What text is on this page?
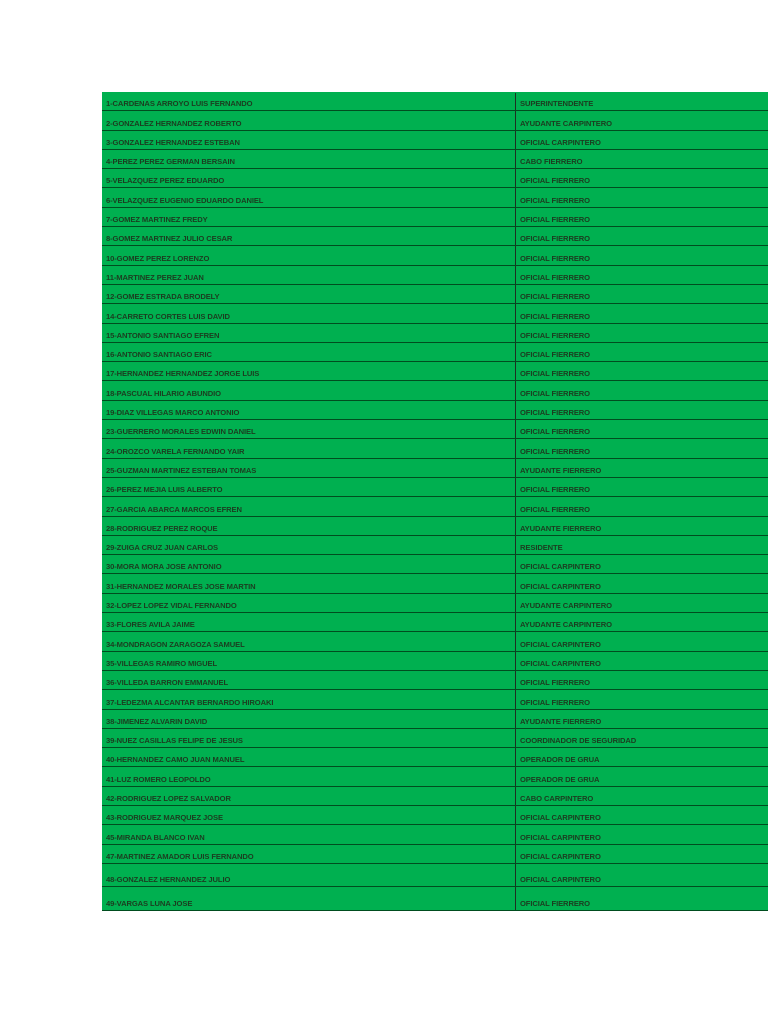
1-CARDENAS ARROYO LUIS FERNANDO	SUPERINTENDENTE
2-GONZALEZ HERNANDEZ ROBERTO	AYUDANTE CARPINTERO
3-GONZALEZ HERNANDEZ ESTEBAN	OFICIAL CARPINTERO
4-PEREZ PEREZ GERMAN BERSAIN	CABO FIERRERO
5-VELAZQUEZ PEREZ EDUARDO	OFICIAL FIERRERO
6-VELAZQUEZ EUGENIO EDUARDO DANIEL	OFICIAL FIERRERO
7-GOMEZ MARTINEZ FREDY	OFICIAL FIERRERO
8-GOMEZ MARTINEZ JULIO CESAR	OFICIAL FIERRERO
10-GOMEZ PEREZ LORENZO	OFICIAL FIERRERO
11-MARTINEZ PEREZ JUAN	OFICIAL FIERRERO
12-GOMEZ ESTRADA BRODELY	OFICIAL FIERRERO
14-CARRETO CORTES LUIS DAVID	OFICIAL FIERRERO
15-ANTONIO SANTIAGO EFREN	OFICIAL FIERRERO
16-ANTONIO SANTIAGO ERIC	OFICIAL FIERRERO
17-HERNANDEZ HERNANDEZ JORGE LUIS	OFICIAL FIERRERO
18-PASCUAL HILARIO ABUNDIO	OFICIAL FIERRERO
19-DIAZ VILLEGAS MARCO ANTONIO	OFICIAL FIERRERO
23-GUERRERO MORALES EDWIN DANIEL	OFICIAL FIERRERO
24-OROZCO VARELA FERNANDO YAIR	OFICIAL FIERRERO
25-GUZMAN MARTINEZ ESTEBAN TOMAS	AYUDANTE FIERRERO
26-PEREZ MEJIA LUIS ALBERTO	OFICIAL FIERRERO
27-GARCIA ABARCA MARCOS EFREN	OFICIAL FIERRERO
28-RODRIGUEZ PEREZ ROQUE	AYUDANTE FIERRERO
29-ZUIGA CRUZ JUAN CARLOS	RESIDENTE
30-MORA MORA JOSE ANTONIO	OFICIAL CARPINTERO
31-HERNANDEZ MORALES JOSE MARTIN	OFICIAL CARPINTERO
32-LOPEZ LOPEZ VIDAL FERNANDO	AYUDANTE CARPINTERO
33-FLORES AVILA JAIME	AYUDANTE CARPINTERO
34-MONDRAGON ZARAGOZA SAMUEL	OFICIAL CARPINTERO
35-VILLEGAS RAMIRO MIGUEL	OFICIAL CARPINTERO
36-VILLEDA BARRON EMMANUEL	OFICIAL FIERRERO
37-LEDEZMA ALCANTAR BERNARDO HIROAKI	OFICIAL FIERRERO
38-JIMENEZ ALVARIN DAVID	AYUDANTE FIERRERO
39-NUEZ CASILLAS FELIPE DE JESUS	COORDINADOR DE SEGURIDAD
40-HERNANDEZ CAMO JUAN MANUEL	OPERADOR DE GRUA
41-LUZ ROMERO LEOPOLDO	OPERADOR DE GRUA
42-RODRIGUEZ LOPEZ SALVADOR	CABO CARPINTERO
43-RODRIGUEZ MARQUEZ JOSE	OFICIAL CARPINTERO
45-MIRANDA BLANCO IVAN	OFICIAL CARPINTERO
47-MARTINEZ AMADOR LUIS FERNANDO	OFICIAL CARPINTERO
48-GONZALEZ HERNANDEZ JULIO	OFICIAL CARPINTERO
49-VARGAS LUNA JOSE	OFICIAL FIERRERO
